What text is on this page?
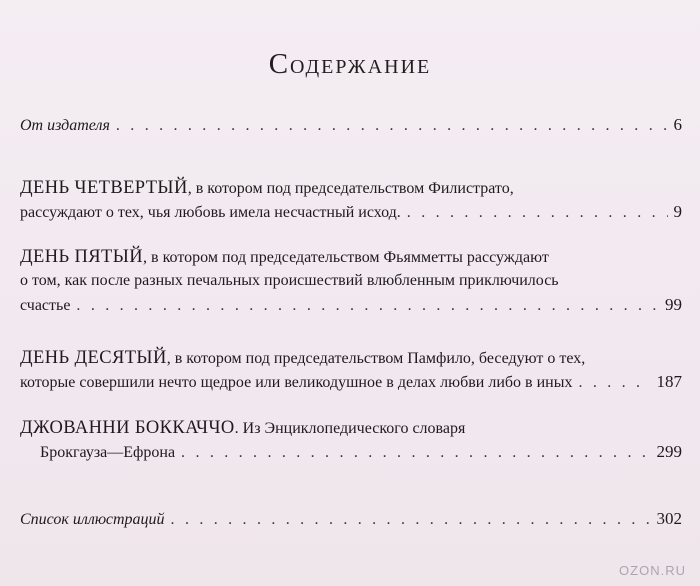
Содержание
От издателя . . .	6
ДЕНЬ ЧЕТВЕРТЫЙ, в котором под председательством Филистрато,
рассуждают о тех, чья любовь имела несчастный исход. . . .	9
ДЕНЬ ПЯТЫЙ, в котором под председательством Фьямметты рассуждают
о том, как после разных печальных происшествий влюбленным приключилось
счастье . . .	99
ДЕНЬ ДЕСЯТЫЙ, в котором под председательством Памфило, беседуют о тех,
которые совершили нечто щедрое или великодушное в делах любви либо в иных . . .	187
ДЖОВАННИ БОККАЧЧО. Из Энциклопедического словаря
Брокгауза—Ефрона . . .	299
Список иллюстраций . . .	302
OZON.RU
